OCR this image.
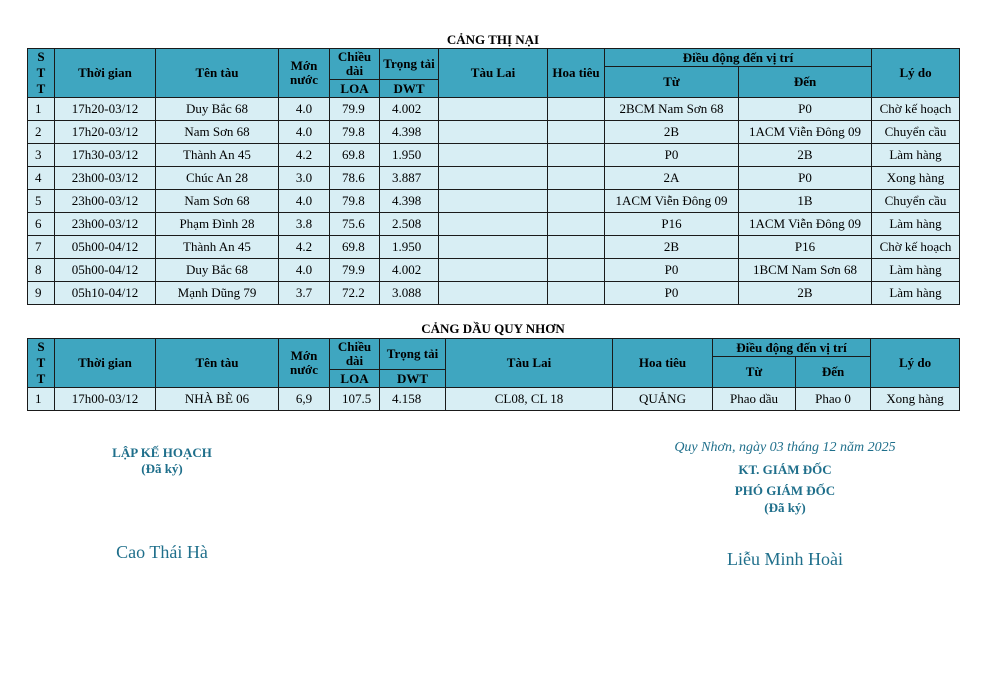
CẢNG THỊ NẠI
S
T
T	Thời gian	Tên tàu	Mớn nước	Chiều dài	Trọng tải	Tàu Lai	Hoa tiêu	Điều động đến vị trí		Lý do
								Từ	Đến	
				LOA	DWT					
1	17h20-03/12	Duy Bắc 68	4.0	79.9	4.002			2BCM Nam Sơn 68	P0	Chờ kế hoạch
2	17h20-03/12	Nam Sơn 68	4.0	79.8	4.398			2B	1ACM Viễn Đông 09	Chuyển cầu
3	17h30-03/12	Thành An 45	4.2	69.8	1.950			P0	2B	Làm hàng
4	23h00-03/12	Chúc An 28	3.0	78.6	3.887			2A	P0	Xong hàng
5	23h00-03/12	Nam Sơn 68	4.0	79.8	4.398			1ACM Viễn Đông 09	1B	Chuyển cầu
6	23h00-03/12	Phạm Đình 28	3.8	75.6	2.508			P16	1ACM Viễn Đông 09	Làm hàng
7	05h00-04/12	Thành An 45	4.2	69.8	1.950			2B	P16	Chờ kế hoạch
8	05h00-04/12	Duy Bắc 68	4.0	79.9	4.002			P0	1BCM Nam Sơn 68	Làm hàng
9	05h10-04/12	Mạnh Dũng 79	3.7	72.2	3.088			P0	2B	Làm hàng
CẢNG DẦU QUY NHƠN
S
T
T	Thời gian	Tên tàu	Mớn nước	Chiều dài	Trọng tải	Tàu Lai	Hoa tiêu	Điều động đến vị trí		Lý do
								Từ	Đến	
				LOA	DWT					
1	17h00-03/12	NHÀ BÈ 06	6,9	107.5	4.158	CL08, CL 18	QUẢNG	Phao dầu	Phao 0	Xong hàng
LẬP KẾ HOẠCH
(Đã ký)
Cao Thái Hà
Quy Nhơn, ngày 03 tháng 12 năm 2025
KT. GIÁM ĐỐC
PHÓ GIÁM ĐỐC
(Đã ký)
Liễu Minh Hoài
